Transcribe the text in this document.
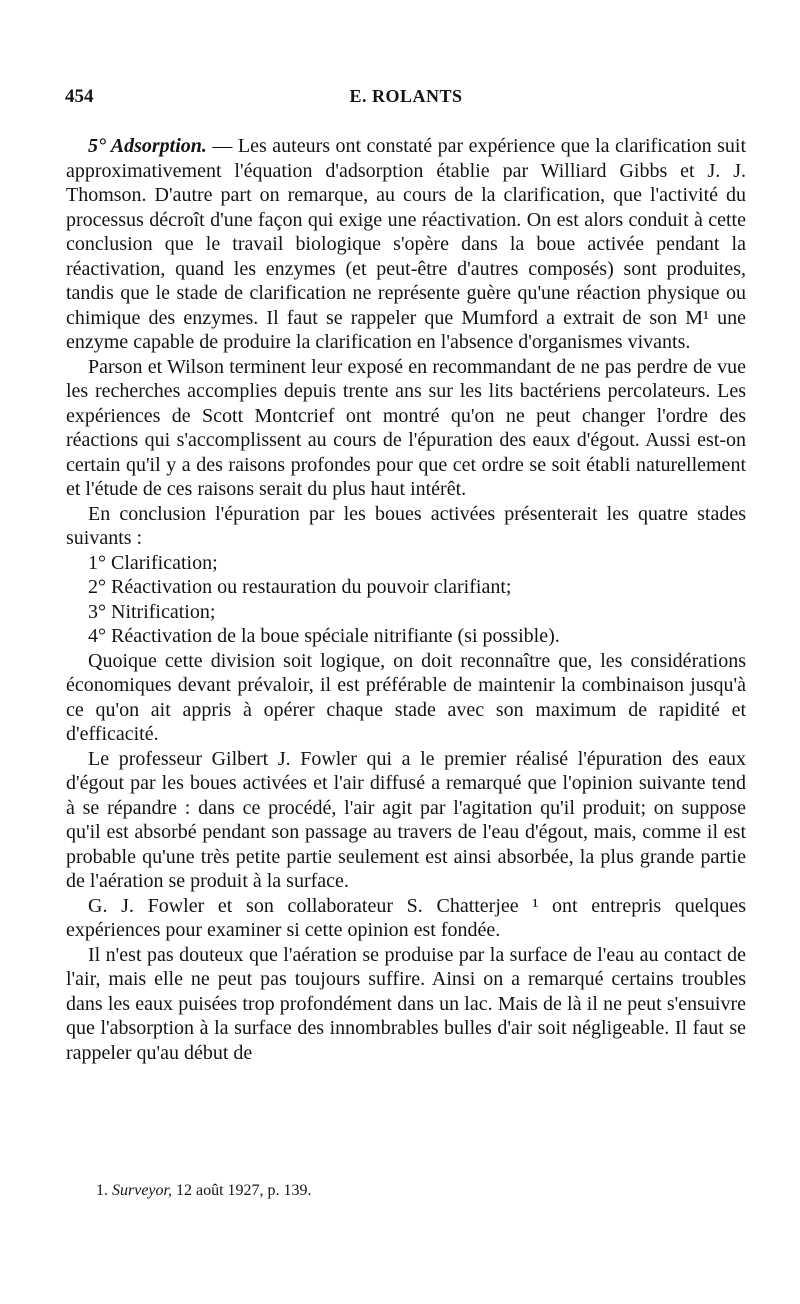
454	E. ROLANTS

5° Adsorption. — Les auteurs ont constaté par expérience que la clarification suit approximativement l'équation d'adsorption établie par Williard Gibbs et J. J. Thomson. D'autre part on remarque, au cours de la clarification, que l'activité du processus décroît d'une façon qui exige une réactivation. On est alors conduit à cette conclusion que le travail biologique s'opère dans la boue activée pendant la réactivation, quand les enzymes (et peut-être d'autres composés) sont produites, tandis que le stade de clarification ne représente guère qu'une réaction physique ou chimique des enzymes. Il faut se rappeler que Mumford a extrait de son M¹ une enzyme capable de produire la clarification en l'absence d'organismes vivants.

Parson et Wilson terminent leur exposé en recommandant de ne pas perdre de vue les recherches accomplies depuis trente ans sur les lits bactériens percolateurs. Les expériences de Scott Montcrief ont montré qu'on ne peut changer l'ordre des réactions qui s'accomplissent au cours de l'épuration des eaux d'égout. Aussi est-on certain qu'il y a des raisons profondes pour que cet ordre se soit établi naturellement et l'étude de ces raisons serait du plus haut intérêt.

En conclusion l'épuration par les boues activées présenterait les quatre stades suivants :

1° Clarification;
2° Réactivation ou restauration du pouvoir clarifiant;
3° Nitrification;
4° Réactivation de la boue spéciale nitrifiante (si possible).

Quoique cette division soit logique, on doit reconnaître que, les considérations économiques devant prévaloir, il est préférable de maintenir la combinaison jusqu'à ce qu'on ait appris à opérer chaque stade avec son maximum de rapidité et d'efficacité.

Le professeur Gilbert J. Fowler qui a le premier réalisé l'épuration des eaux d'égout par les boues activées et l'air diffusé a remarqué que l'opinion suivante tend à se répandre : dans ce procédé, l'air agit par l'agitation qu'il produit; on suppose qu'il est absorbé pendant son passage au travers de l'eau d'égout, mais, comme il est probable qu'une très petite partie seulement est ainsi absorbée, la plus grande partie de l'aération se produit à la surface.

G. J. Fowler et son collaborateur S. Chatterjee ¹ ont entrepris quelques expériences pour examiner si cette opinion est fondée.

Il n'est pas douteux que l'aération se produise par la surface de l'eau au contact de l'air, mais elle ne peut pas toujours suffire. Ainsi on a remarqué certains troubles dans les eaux puisées trop profondément dans un lac. Mais de là il ne peut s'ensuivre que l'absorption à la surface des innombrables bulles d'air soit négligeable. Il faut se rappeler qu'au début de

1. Surveyor, 12 août 1927, p. 139.
